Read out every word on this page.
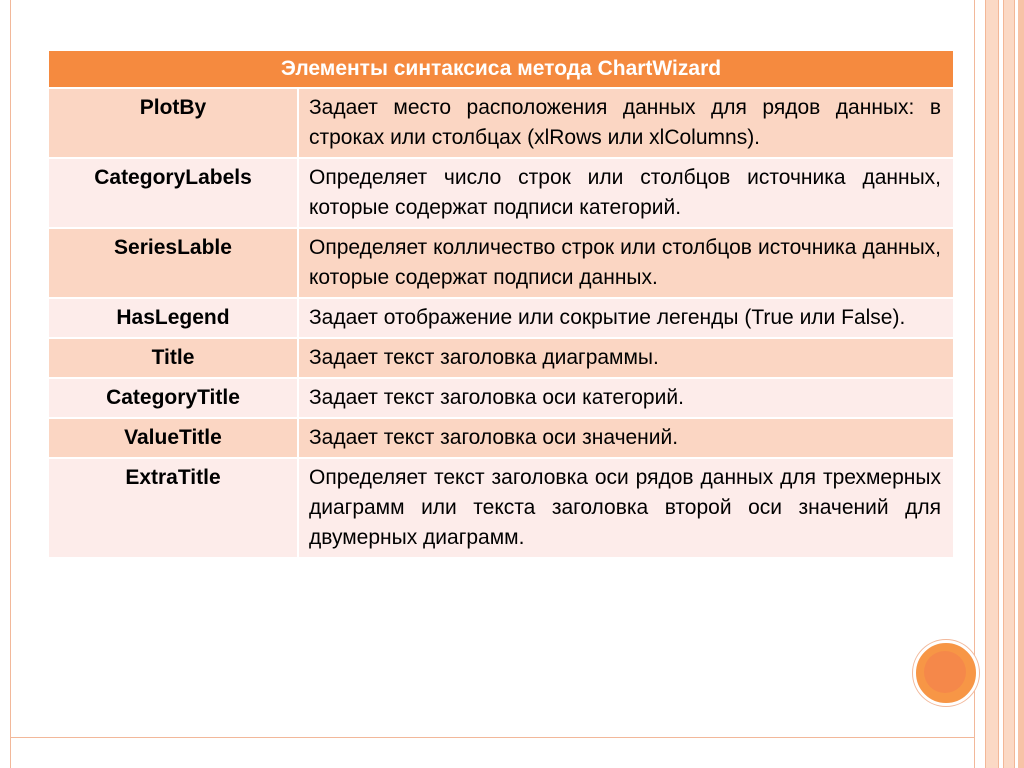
Элементы синтаксиса метода ChartWizard	
PlotBy	Задает место расположения данных для рядов данных: в строках или столбцах (xlRows или xlColumns).
CategoryLabels	Определяет число строк или столбцов источника данных, которые содержат подписи категорий.
SeriesLable	Определяет колличество строк или столбцов источника данных, которые содержат подписи данных.
HasLegend	Задает отображение или сокрытие легенды (True или False).
Title	Задает текст заголовка диаграммы.
CategoryTitle	Задает текст заголовка оси категорий.
ValueTitle	Задает текст заголовка оси значений.
ExtraTitle	Определяет текст заголовка оси рядов данных для трехмерных диаграмм или текста заголовка второй оси значений для двумерных диаграмм.
